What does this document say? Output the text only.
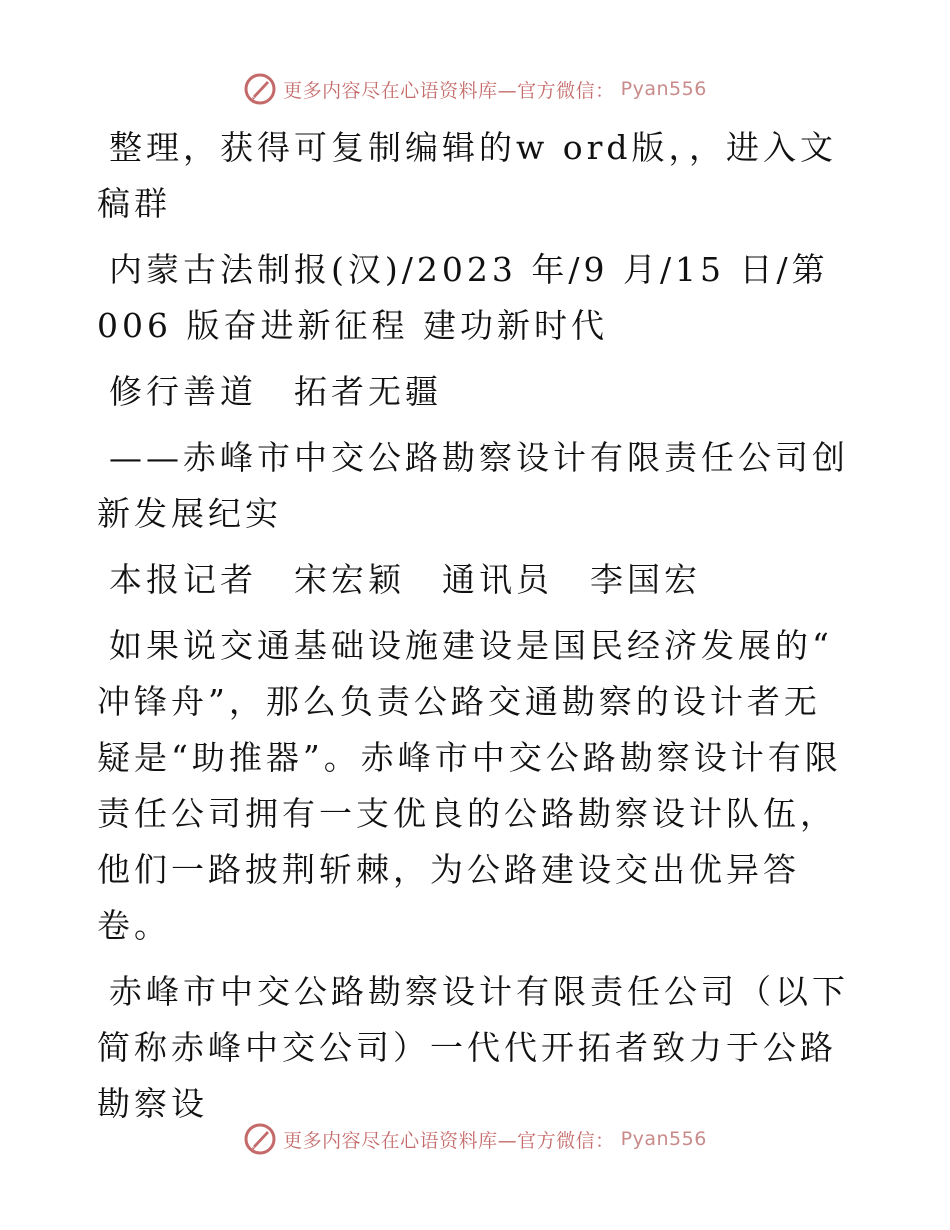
更多内容尽在心语资料库—官方微信： Pyan556

整理，获得可复制编辑的w ord版，，进入文稿群

内蒙古法制报(汉)/2023 年/9 月/15 日/第 006 版奋进新征程 建功新时代

修行善道　拓者无疆

——赤峰市中交公路勘察设计有限责任公司创新发展纪实

本报记者　宋宏颖　通讯员　李国宏

如果说交通基础设施建设是国民经济发展的“ 冲锋舟”，那么负责公路交通勘察的设计者无疑是“助推器”。赤峰市中交公路勘察设计有限责任公司拥有一支优良的公路勘察设计队伍，他们一路披荆斩棘，为公路建设交出优异答卷。

赤峰市中交公路勘察设计有限责任公司（以下简称赤峰中交公司）一代代开拓者致力于公路勘察设

更多内容尽在心语资料库—官方微信： Pyan556
